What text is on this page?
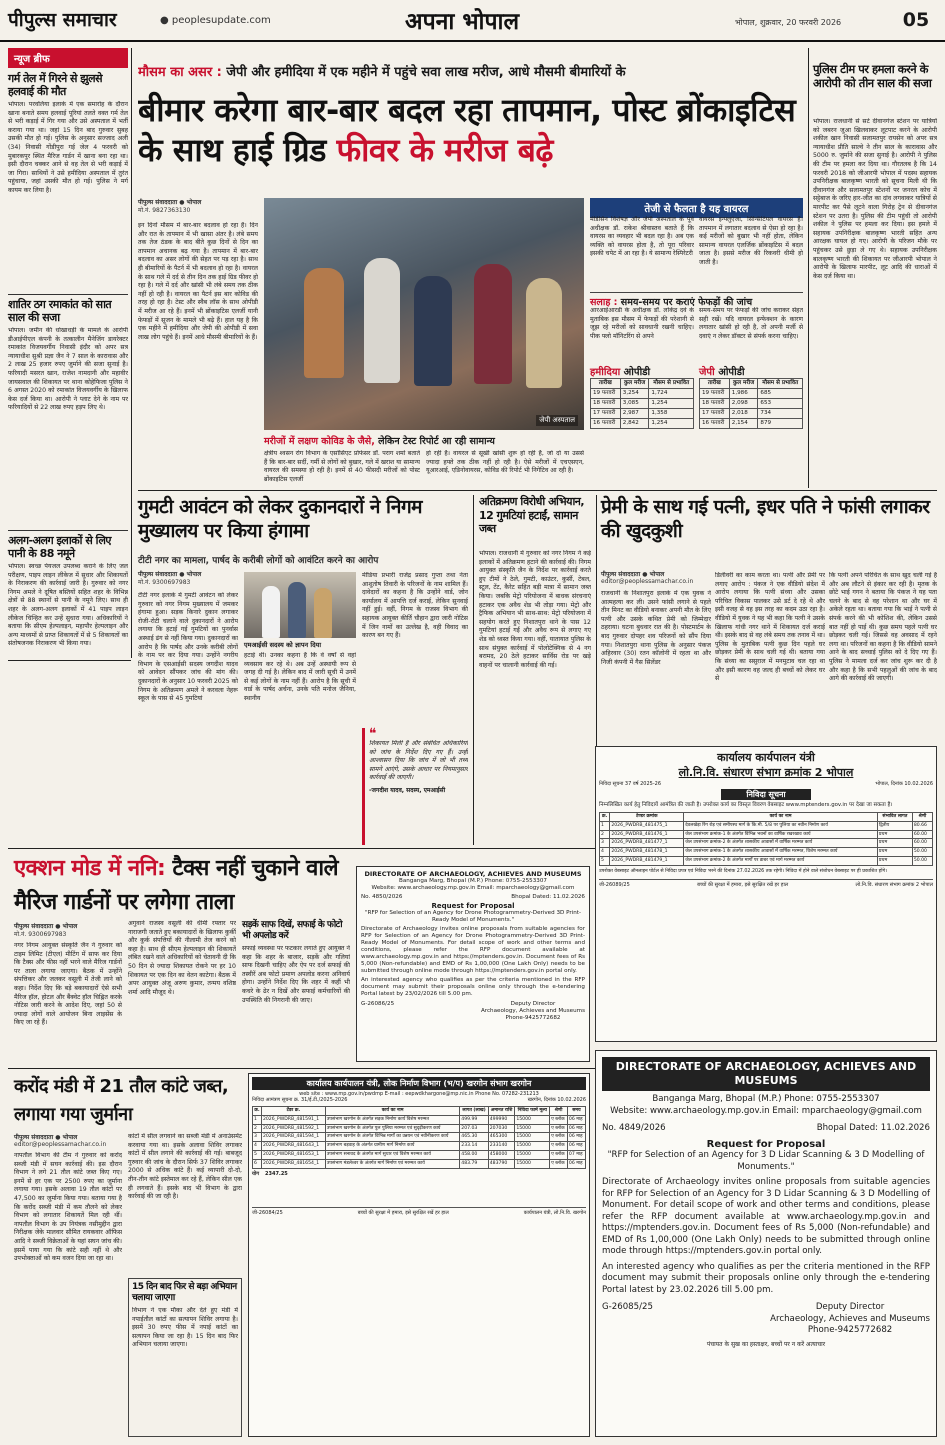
पीपुल्स समाचार	● peoplesupdate.com	अपना भोपाल	भोपाल, शुक्रवार, 20 फरवरी 2026	05
न्यूज ब्रीफ
गर्म तेल में गिरने से झुलसे हलवाई की मौत
भोपाल। परवलिया इलाके में एक समारोह के दौरान खाना बनाते समय हलवाई पूरियां तलते वक्त गर्म तेल से भरी कड़ाई में गिर गया और उसे अस्पताल में भर्ती कराया गया था। जहां 15 दिन बाद गुरुवार सुबह उसकी मौत हो गई। पुलिस के अनुसार सज्जाद अली (34) निवासी गोंडीपुरा गई जेल 4 फरवरी को मुबारकपुर स्थित मैरिज गार्डन में खाना बना रहा था। इसी दौरान चक्कर आने से वह तेल से भरी कड़ाई में जा गिरा। साथियों ने उसे हमीदिया अस्पताल में तुरंत पहुंचाया, जहां उसकी मौत हो गई। पुलिस ने मर्ग कायम कर लिया है।
शातिर ठग रमाकांत को सात साल की सजा
भोपाल। जमीन की धोखाधड़ी के मामले के आरोपी डीआईपीएल कंपनी के तत्कालीन मैनेजिंग डायरेक्टर रमाकांत विजयवर्गीय निवासी इंदौर को अपर सत्र न्यायाधीश सुश्री प्रज्ञा जैन ने 7 साल के कारावास और 2 लाख 25 हजार रुपए जुर्माने की सजा सुनाई है। फरियादी मसरत खान, राजेश नामदानी और महावीर जायसवाल की शिकायत पर थाना कोहेफिजा पुलिस ने 6 अगस्त 2020 को रमाकांत विजयवर्गीय के खिलाफ केस दर्ज किया था। आरोपी ने प्लाट देने के नाम पर फरियादियों से 22 लाख रुपए हड़प लिए थे।
अलग-अलग इलाकों से लिए पानी के 88 नमूने
भोपाल। स्वच्छ पेयजल उपलब्ध कराने के लिए जल परीक्षण, पाइप लाइन लीकेज में सुधार और शिकायतों के निराकरण की कार्रवाई जारी है। गुरुवार को नगर निगम अमले ने दूषित बस्तियों सहित शहर के विभिन्न क्षेत्रों से 88 स्थानों से पानी के नमूने लिए। साथ ही शहर के अलग-अलग इलाकों में 41 पाइप लाइन लीकेज चिन्हित कर उन्हें सुधारा गया। अधिकारियों ने बताया कि सीएम हेल्पलाइन, महापौर हेल्पलाइन और अन्य माध्यमों से प्राप्त शिकायतों में से 5 शिकायतों का संतोषजनक निराकरण भी किया गया।
मौसम का असर : जेपी और हमीदिया में एक महीने में पहुंचे सवा लाख मरीज, आधे मौसमी बीमारियों के
बीमार करेगा बार-बार बदल रहा तापमान, पोस्ट ब्रोंकाइटिस के साथ हाई ग्रिड फीवर के मरीज बढ़े
पीपुल्स संवाददाता ● भोपाल
मो.नं. 9827363130
इन दिनों मौसम में बार-बार बदलाव हो रहा है। दिन और रात के तापमान में भी खासा अंतर है। लंबे समय तक तेज ठंडक के बाद बीते कुछ दिनों से दिन का तापमान अचानक बढ़ गया है। तापमान में बार-बार बदलाव का असर लोगों की सेहत पर पड़ रहा है। साथ ही बीमारियों के पैटर्न में भी बदलाव हो रहा है। वायरल के साथ गले में दर्द से तीन दिन तक हाई ग्रिड फीवर हो रहा है। गले में दर्द और खांसी भी लंबे समय तक ठीक नहीं हो रही है। वायरल का पैटर्न इस बार कोविड की तरह हो रहा है। टेस्ट और स्वैब लॉस के साथ ओपीडी में मरीज आ रहे हैं। इनमें भी ब्रोंकाइटिस एलर्जी यानी फेफड़ों में सूजन के मामले भी बढ़े हैं। हाल यह है कि एक महीने में हमीदिया और जेपी की ओपीडी में सवा लाख लोग पहुंचे हैं। इनमें आधे मौसमी बीमारियों के हैं।
जेपी अस्पताल
मरीजों में लक्षण कोविड के जैसे, लेकिन टेस्ट रिपोर्ट आ रही सामान्य
क्षेत्रीय श्वसन रोग विभाग के एसोसिएट प्रोफेसर डॉ. पराग शर्मा बताते हैं कि बार-बार सर्दी, गर्मी से लोगों को बुखार, गले में खराश या सामान्य वायरल की समस्या हो रही है। इनमें से 40 फीसदी मरीजों को पोस्ट ब्रोंकाइटिस एलर्जी
हो रही है। वायरल से सूखी खांसी शुरू हो रही है, जो दो या उससे ज्यादा हफ्ते तक ठीक नहीं हो रही है। ऐसे मरीजों में एचएसएन, यूआरआई, एडिनोवायरस, कोविड की रिपोर्ट भी निगेटिव आ रही है।
तेजी से फैलता है यह वायरल
मेडिसिन विशेषज्ञ और जेपी अस्पताल के पूर्व अधीक्षक डॉ. राकेश श्रीवास्तव बताते हैं कि वायरस का व्यवहार भी बदल रहा है। अब एक व्यक्ति को वायरस होता है, तो पूरा परिवार इसकी चपेट में आ रहा है। ये सामान्य रेस्पिरेटरी
वायरस इन्फ्लुएंजा, सिन्सिटियल वायरस हैं। तापमान में लगातार बदलाव से ऐसा हो रहा है। कई मरीजों को बुखार भी नहीं होता, लेकिन सामान्य वायरल एलर्जिक ब्रोंकाइटिस में बदल जाता है। इससे मरीज की रिकवरी धीमी हो जाती है।
सलाह : समय-समय पर कराएं फेफड़ों की जांच
आरआईआरडी के अधीक्षक डॉ. लोकेंद्र दवे के मुताबिक इस मौसम में फेफड़ों की परेशानी से जूझ रहे मरीजों को सावधानी रखनी चाहिए। पीक फ्लो मॉनिटरिंग से अपने
समय-समय पर फेफड़ों की जांच कराकर सेहत सही रखें। यदि वायरल इन्फेक्शन के कारण लगातार खांसी हो रही है, तो अपनी मर्जी से दवाएं न लेकर डॉक्टर से संपर्क करना चाहिए।
हमीदिया ओपीडी
तारीख	कुल मरीज	मौसम से प्रभावित
19 फरवरी	3,254	1,724
18 फरवरी	3,085	1,254
17 फरवरी	2,987	1,358
16 फरवरी	2,842	1,254
जेपी ओपीडी
तारीख	कुल मरीज	मौसम से प्रभावित
19 फरवरी	1,986	685
18 फरवरी	2,098	653
17 फरवरी	2,018	734
16 फरवरी	2,154	879
पुलिस टीम पर हमला करने के आरोपी को तीन साल की सजा
भोपाल। राजधानी से सटे दीवानगंज स्टेशन पर यात्रियों को जबरन जुआ खिलवाकर लूटपाट करने के आरोपी शकील खान निवासी सलामतपुर रायसेन को अपर सत्र न्यायाधीश प्रीति साल्वे ने तीन साल के कारावास और 5000 रु. जुर्माने की सजा सुनाई है। आरोपी ने पुलिस की टीम पर हमला कर दिया था। गौरतलब है कि 14 फरवरी 2018 को जीआरपी भोपाल में पदस्थ सहायक उपनिरीक्षक बालकृष्ण भारती को सूचना मिली थी कि दीवानगंज और सलामतपुर स्टेशनों पर जनरल कोच में सट्टेबाज के जरिए हार-जीत का दांव लगवाकर यात्रियों से मारपीट कर पैसे लूटने वाला गिरोह ट्रेन से दीवानगंज स्टेशन पर उतरा है। पुलिस की टीम पहुंची तो आरोपी शकील ने पुलिस पर हमला कर दिया। इस हमले में सहायक उपनिरीक्षक बालकृष्ण भारती सहित अन्य आरक्षक घायल हो गए। आरोपी के परिजन मौके पर पहुंचकर उसे छुड़ा ले गए थे। सहायक उपनिरीक्षक बालकृष्ण भारती की शिकायत पर जीआरपी भोपाल ने आरोपी के खिलाफ मारपीट, लूट आदि की धाराओं में केस दर्ज किया था।
गुमटी आवंटन को लेकर दुकानदारों ने निगम मुख्यालय पर किया हंगामा
टीटी नगर का मामला, पार्षद के करीबी लोगों को आवंटित करने का आरोप
पीपुल्स संवाददाता ● भोपाल
मो.नं. 9300697983
टीटी नगर इलाके में गुमटी आवंटन को लेकर गुरुवार को नगर निगम मुख्यालय में जमकर हंगामा हुआ। सड़क किनारे दुकान लगाकर रोजी-रोटी चलाने वाले दुकानदारों ने आरोप लगाया कि हटाई गई गुमटियों का पुनर्वास अस्थाई ढंग से नहीं किया गया। दुकानदारों का आरोप है कि पार्षद और उनके करीबी लोगों के नाम पर कर दिया गया। उन्होंने नगरीय विभाग के एसआईसी सदस्य जगदीश यादव को आवेदन सौंपकर जांच की मांग की। दुकानदारों के अनुसार 10 फरवरी 2025 को निगम के अतिक्रमण अमले ने करवला नेहरू स्कूल के पास से 45 गुमटियां
एमआईसी सदस्य को ज्ञापन दिया
हटाई थीं। उनका कहना है कि वे वर्षों से वहां व्यवसाय कर रहे थे। अब उन्हें अस्थायी रूप से जगह दी गई है। लेकिन बाद में जारी सूची में उनमें से कई लोगों के नाम नहीं हैं। आरोप है कि सूची में वार्ड के पार्षद अर्चना, उनके पति मनोज जैनिया, स्थानीय
मीडिया प्रभारी राजेंद्र प्रसाद गुप्ता तथा नेता आशुतोष तिवारी के परिजनों के नाम शामिल हैं। दावेदारों का कहना है कि उन्होंने वार्ड, जोन कार्यालय में आपत्ति दर्ज कराई, लेकिन सुनवाई नहीं हुई। वहीं, निगम के राजस्व विभाग की सहायक आयुक्त कीर्ति चौहान द्वारा जारी नोटिस में जिन नामों का उल्लेख है, वही विवाद का कारण बन गए हैं।
❝
शिकायत मिली है और संबंधित अधिकारियों को जांच के निर्देश दिए गए हैं। उन्हीं आश्वासन दिया कि जांच में जो भी तथ्य सामने आएंगे, उसके आधार पर नियमानुसार कार्रवाई की जाएगी।
-जगदीश यादव, सदस्य, एमआईसी
अतिक्रमण विरोधी अभियान, 12 गुमटियां हटाईं, सामान जब्त
भोपाल। राजधानी में गुरुवार को नगर निगम ने कई इलाकों में अतिक्रमण हटाने की कार्रवाई की। निगम आयुक्त संस्कृति जैन के निर्देश पर कार्रवाई करते हुए टीमों ने ठेले, गुमटी, काउंटर, कुर्सी, टेबल, स्टूल, टेंट, कैरेट सहित बड़ी मात्रा में सामान जब्त किया। जबकि मेट्रो परियोजना में बाधक संरचनाएं हटाकर एक अवैध शेड भी तोड़ा गया। मेट्रो और ट्रैफिक अभियान भी साथ-साथ: मेट्रो परियोजना में सहयोग करते हुए निशातपुरा थाने के पास 12 गुमटियां हटाई गईं और अवैध रूप से लगाए गए शेड को ध्वस्त किया गया। वहीं, यातायात पुलिस के साथ संयुक्त कार्रवाई में पोलोटेक्निक से 4 नग बरामद, 20 ठेले हटाकर सार्विस रोड पर खड़े वाहनों पर चालानी कार्रवाई की गई।
प्रेमी के साथ गई पत्नी, इधर पति ने फांसी लगाकर की खुदकुशी
पीपुल्स संवाददाता ● भोपाल
editor@peoplessamachar.co.in
राजधानी के निशातपुरा इलाके में एक युवक ने आत्महत्या कर ली। उसने फांसी लगाने से पहले तीन मिनट का वीडियो बनाकर अपनी मौत के लिए पत्नी और उसके कथित प्रेमी को जिम्मेदार ठहराया। घटना बुधवार रात की है। पोस्टमार्टम के बाद गुरुवार दोपहर शव परिजनों को सौंप दिया गया। निशातपुरा थाना पुलिस के अनुसार पंकज अहिरवार (30) रतन कॉलोनी में रहता था और निजी कंपनी में गैस सिलेंडर
डिलीवरी का काम करता था। पत्नी और प्रेमी पर लगाए आरोप : पंकज ने एक वीडियो संदेश में आरोप लगाया कि पत्नी संध्या और उसका परिचित विकास पालकर उसे डर्ट दे रहे थे और इसी वजह से वह इस तरह का कदम उठा रहा है। वीडियो में युवक ने यह भी कहा कि पत्नी ने उसके खिलाफ गांधी नगर थाने में शिकायत दर्ज कराई थी। इसके बाद से वह लंबे समय तक तनाव में था। पुलिस के मुताबिक पत्नी कुछ दिन पहले घर छोड़कर प्रेमी के साथ चली गई थी। बताया गया कि संध्या का ससुराल में मनमुटाव चल रहा था और इसी कारण वह जल्द ही बच्चों को लेकर घर से
कि पत्नी अपने परिचित के साथ खुद चली गई है और अब लौटने से इंकार कर रही है। मृतक के छोटे भाई गगन ने बताया कि पंकज ने यह पता चलने के बाद से वह परेशान था और घर में अकेले रहता था। बताया गया कि भाई ने पत्नी से संपर्क करने की भी कोशिश की, लेकिन उससे बात नहीं हो पाई थी। कुछ समय पहले पत्नी घर छोड़कर चली गई। जिससे वह अवसाद में रहने लगा था। परिजनों का कहना है कि वीडियो सामने आने के बाद सच्चाई पुलिस को दे दिए गए हैं। पुलिस ने मामला दर्ज कर जांच शुरू कर दी है और कहा है कि सभी पहलुओं की जांच के बाद आगे की कार्रवाई की जाएगी।
कार्यालय कार्यपालन यंत्री
लो.नि.वि. संधारण संभाग क्रमांक 2 भोपाल
निविदा सूचना 37 वर्ष 2025-26	भोपाल, दिनांक 10.02.2026
निविदा सूचना
निम्नलिखित कार्य हेतु निविदायें आमंत्रित की जाती है। उपरोक्त कार्य का विस्तृत विवरण वेबसाइट www.mptenders.gov.in पर देखा जा सकता है।
क्र.	टेण्डर क्रमांक	कार्य का नाम	संभावित लागत	श्रेणी
1	2026_PWDRB_481475_1	देवलखेड़ा रिंग रोड़ एवं समीपस्थ मार्ग के कि.मी. 5/8 पर पुलिया का नवीन निर्माण कार्य	द्वितीय	80.66
2	2026_PWDRB_481476_1	जेल उपसंभाग क्रमांक-1 के अंतर्गत विभिन्न भवनों का वार्षिक रखरखाव कार्य	प्रथम	60.00
3	2026_PWDRB_481477_1	जेल उपसंभाग क्रमांक-2 के अंतर्गत शासकीय आवासों में वार्षिक मरम्मत कार्य	प्रथम	60.00
4	2026_PWDRB_481478_1	जेल उपसंभाग क्रमांक-1 के अंतर्गत शासकीय आवासों में वार्षिक मरम्मत, विशेष मरम्मत कार्य	प्रथम	50.00
5	2026_PWDRB_481479_1	जेल उपसंभाग क्रमांक-2 के अंतर्गत मार्गों पर डाबर एवं मार्ग मरम्मत कार्य	प्रथम	50.00
उपरोक्त वेबसाइट ऑनलाइन पोर्टल से निविदा प्रपत्र एवं निविदा भरने की दिनांक 27.02.2026 तक रहेगी। निविदा में होने वाले संशोधन वेबसाइट पर ही प्रकाशित होंगे।
जी-26089/25	बच्चों की सुरक्षा में हमारा, इसे सुरक्षित रखें हर हाल	लो.नि.वि. संधारण संभाग क्रमांक 2 भोपाल
एक्शन मोड में ननि: टैक्स नहीं चुकाने वाले मैरिज गार्डनों पर लगेगा ताला
पीपुल्स संवाददाता ● भोपाल
मो.नं. 9300697983
नगर निगम आयुक्त संस्कृति जैन ने गुरुवार को टाइम लिमिट (टीएल) मीटिंग में साफ कर दिया कि टैक्स और फीस नहीं भरने वाले मैरिज गार्डनों पर ताला लगाया जाएगा। बैठक में उन्होंने संपत्तिकर और जलकर वसूली में तेजी लाने को कहा। निर्देश दिए कि बड़े बकायादारों ऐसे सभी मैरिज हॉल, होटल और बैंक्वेट हॉल चिह्नित करके नोटिस जारी करने के आदेश दिए, जहां 50 से ज्यादा लोगों वाले आयोजन बिना लाइसेंस के किए जा रहे हैं।
अगुवाने राजस्व वसूली की धीमी रफ्तार पर नाराजगी जताते हुए बकायादारों के खिलाफ कुर्की और कुर्क संपत्तियों की नीलामी तेज करने को कहा है। साथ ही सीएम हेल्पलाइन की शिकायतें लंबित रखने वाले अधिकारियों को चेतावनी दी कि 50 दिन से ज्यादा शिकायत रोकने पर हर 10 शिकायत पर एक दिन का वेतन काटेगा। बैठक में अपर आयुक्त अंजू अरुण कुमार, तन्मय वशिष्ठ शर्मा आदि मौजूद थे।
सड़कें साफ दिखें, सफाई के फोटो भी अपलोड करें
सफाई व्यवस्था पर फटकार लगाते हुए आयुक्त ने कहा कि शहर के बाजार, सड़कें और गलियां साफ दिखनी चाहिए और ऐप पर दर्ज सफाई की तस्वीरें अब फोटो प्रमाण अपलोड करना अनिवार्य होगा। उन्होंने निर्देश दिए कि शहर में कहीं भी कचरे के ढेर न दिखें और सफाई कर्मचारियों की उपस्थिति की निगरानी की जाए।
DIRECTORATE OF ARCHAEOLOGY, ACHIEVES AND MUSEUMS
Banganga Marg, Bhopal (M.P.) Phone: 0755-2553307
Website: www.archaeology.mp.gov.in Email: mparchaeology@gmail.com
No. 4850/2026	Bhopal Dated: 11.02.2026
Request for Proposal
"RFP for Selection of an Agency for Drone Photogrammetry-Derived 3D Print-Ready Model of Monuments."
Directorate of Archaeology invites online proposals from suitable agencies for RFP for Selection of an Agency for Drone Photogrammetry-Derived 3D Print-Ready Model of Monuments. For detail scope of work and other terms and conditions, please refer the RFP document available at www.archaeology.mp.gov.in and https://mptenders.gov.in. Document fees of Rs 5,000 (Non-refundable) and EMD of Rs 1,00,000 (One Lakh Only) needs to be submitted through online mode through https://mptenders.gov.in portal only.
An interested agency who qualifies as per the criteria mentioned in the RFP document may submit their proposals online only through the e-tendering Portal latest by 23/02/2026 till 5.00 pm.
G-26086/25	Deputy Director
Archaeology, Achieves and Museums
Phone-9425772682
करोंद मंडी में 21 तौल कांटे जब्त, लगाया गया जुर्माना
पीपुल्स संवाददाता ● भोपाल
editor@peoplessamachar.co.in
नापतौल विभाग की टीम ने गुरुवार को करोंद सब्जी मंडी में सघन कार्रवाई की। इस दौरान विभाग ने लगे 21 तौल कांटे जब्त किए गए। इनमें से हर एक पर 2500 रुपए का जुर्माना लगाया गया। इसके अलावा 19 तौल कांटों पर 47,500 का जुर्माना किया गया। बताया गया है कि करोंद सब्जी मंडी में कम तौलने को लेकर विभाग को लगातार शिकायतें मिल रही थीं। नापतौल विभाग के उप नियंत्रक नसीमुद्दीन द्वारा निरीक्षक जेके मालवार सौमित रायकवार ऑफिस आदि ने सब्जी विक्रेताओं के यहां सघन जांच की। इसमें पाया गया कि कांटे सही नहीं थे और उपभोक्ताओं को कम वजन दिया जा रहा था।
कांटों में सील लगवाने का सब्जी मंडी में अनाउंसमेंट करवाया गया था। इसके अलावा शिविर लगाकर कांटों में सील लगाने की कार्रवाई की गई। बाबजूद गुरुवार की जांच के दौरान सिर्फ 37 शिविर लगाकर 2000 से अधिक कांटे हैं। कई व्यापारी दो-दो, तीन-तीन कांटे इस्तेमाल कर रहे हैं, लेकिन सील एक ही लगवाते हैं। इसके बाद भी विभाग के द्वारा कार्रवाई की जा रही है।
15 दिन बाद फिर से बड़ा अभियान चलाया जाएगा
विभाग ने एक मौका और देते हुए मंडी में नपाईतौल कांटों का सत्यापन शिविर लगाया है। इसमें 30 रुपए फीस में नपाई कांटों का सत्यापन किया जा रहा है। 15 दिन बाद फिर अभियान चलाया जाएगा।
कार्यालय कार्यपालन यंत्री, लोक निर्माण विभाग (भ/प) खरगोन संभाग खरगोन
web site : www.mp.gov.in/pwdmp E-mail : eepwdkhargone@mp.nic.in Phone No. 07282-231213
निविदा आमंत्रण सूचना क्र. 31/ई.टी./2025-2026	खरगोन, दिनांक 10.02.2026
क्र.	टेंडर क्र.	कार्य का नाम	लागत (लाख)	अमानत राशि	निविदा फार्म मूल्य	श्रेणी	समय
1	2026_PWDRB_481591_1	उपसंभाग खरगोन के अंतर्गत सड़क निर्माण कार्य विशेष मरम्मत	499.99	499990	15000	ए ब्लॉक	06 माह
2	2026_PWDRB_481592_1	उपसंभाग खरगोन के अंतर्गत पुल पुलिया मरम्मत एवं सुदृढ़ीकरण कार्य	207.03	207030	15000	ए ब्लॉक	06 माह
3	2026_PWDRB_481594_1	उपसंभाग खरगोन के अंतर्गत विभिन्न मार्गों का उन्नयन एवं नवीनीकरण कार्य	465.30	465300	15000	ए ब्लॉक	06 माह
4	2026_PWDRB_481643_1	उपसंभाग बड़वाह के अंतर्गत ग्रामीण मार्ग निर्माण कार्य	233.14	233140	15000	ए ब्लॉक	06 माह
5	2026_PWDRB_481653_1	उपसंभाग सनावद के अंतर्गत मार्ग सुधार एवं विशेष मरम्मत कार्य	458.00	458000	15000	ए ब्लॉक	07 माह
6	2026_PWDRB_481654_1	उपसंभाग मंडलेश्वर के अंतर्गत मार्ग निर्माण एवं मरम्मत कार्य	483.79	483790	15000	ए ब्लॉक	06 माह
योग 2347.25
जी-26084/25	बच्चों की सुरक्षा में हमारा, इसे सुरक्षित रखें हर हाल	कार्यपालन यंत्री, लो.नि.वि. खरगोन
DIRECTORATE OF ARCHAEOLOGY, ACHIEVES AND MUSEUMS
Banganga Marg, Bhopal (M.P.) Phone: 0755-2553307
Website: www.archaeology.mp.gov.in Email: mparchaeology@gmail.com
No. 4849/2026	Bhopal Dated: 11.02.2026
Request for Proposal
"RFP for Selection of an Agency for 3 D Lidar Scanning & 3 D Modelling of Monuments."
Directorate of Archaeology invites online proposals from suitable agencies for RFP for Selection of an Agency for 3 D Lidar Scanning & 3 D Modelling of Monument. For detail scope of work and other terms and conditions, please refer the RFP document available at www.archaeology.mp.gov.in and https://mptenders.gov.in. Document fees of Rs 5,000 (Non-refundable) and EMD of Rs 1,00,000 (One Lakh Only) needs to be submitted through online mode through https://mptenders.gov.in portal only.
An interested agency who qualifies as per the criteria mentioned in the RFP document may submit their proposals online only through the e-tendering Portal latest by 23.02.2026 till 5.00 pm.
G-26085/25	Deputy Director
Archaeology, Achieves and Museums
Phone-9425772682
पंचायत के सुख का हस्ताक्षर, बच्चों पर न करें अत्याचार
